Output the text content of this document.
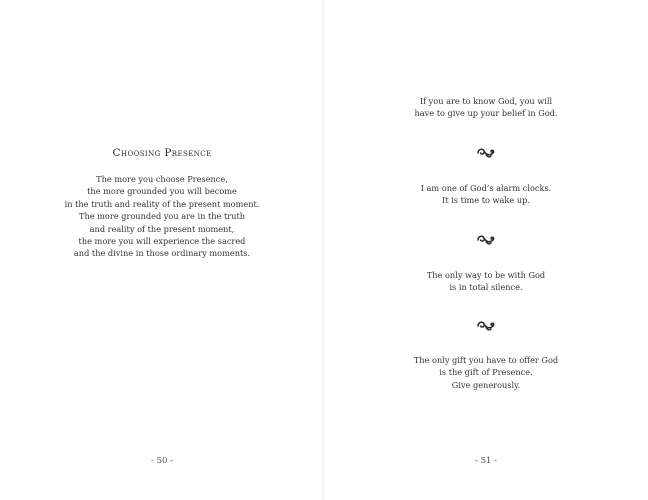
Choosing Presence
The more you choose Presence,
the more grounded you will become
in the truth and reality of the present moment.
The more grounded you are in the truth
and reality of the present moment,
the more you will experience the sacred
and the divine in those ordinary moments.
- 50 -
If you are to know God, you will
have to give up your belief in God.
I am one of God’s alarm clocks.
It is time to wake up.
The only way to be with God
is in total silence.
The only gift you have to offer God
is the gift of Presence.
Give generously.
- 51 -
